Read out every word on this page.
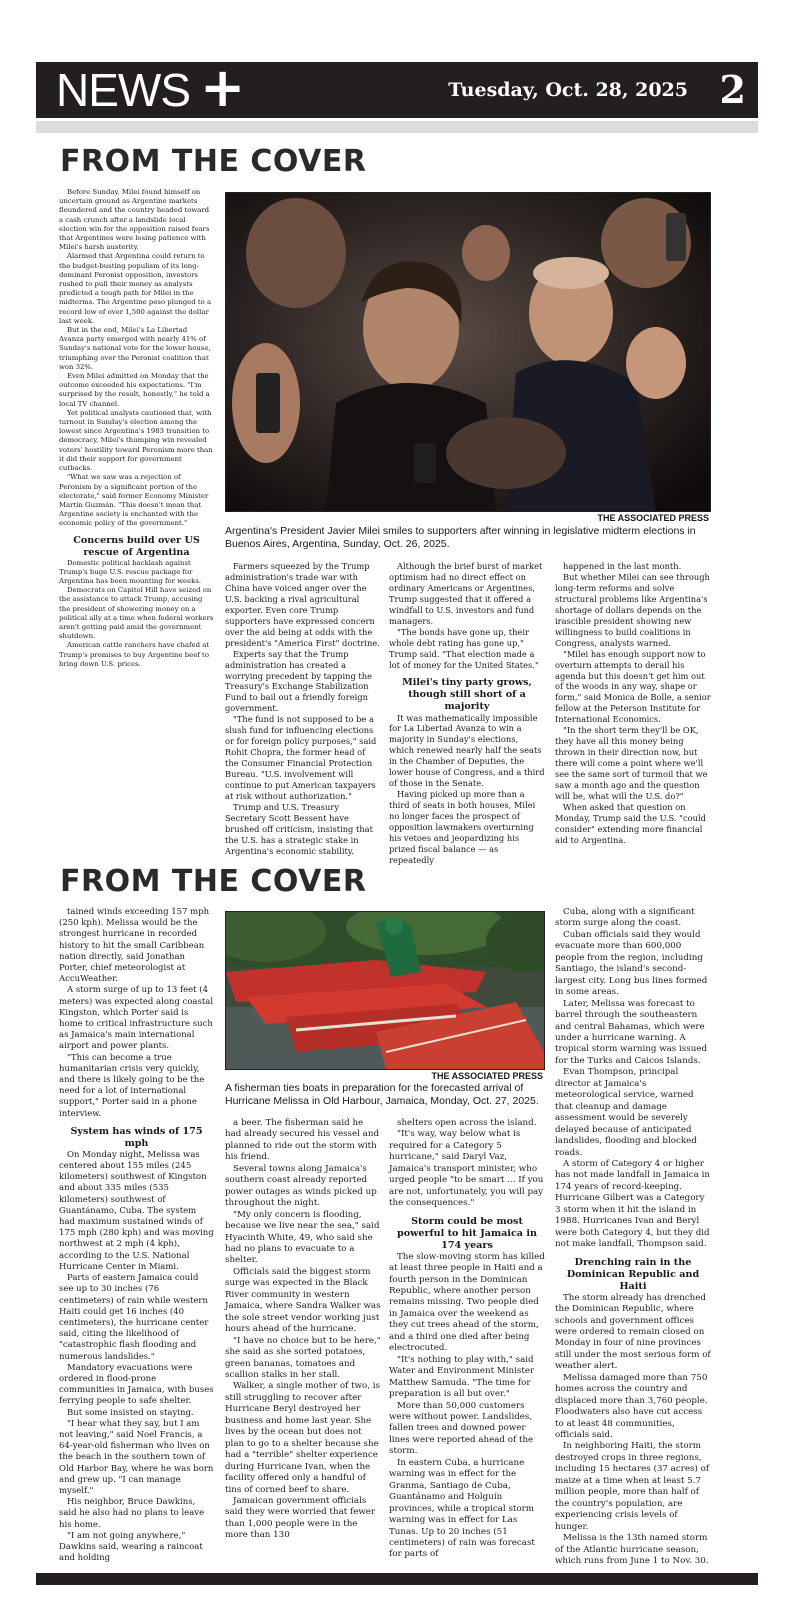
NEWS +	Tuesday, Oct. 28, 2025 2
FROM THE COVER

Before Sunday, Milei found himself on uncertain ground as Argentine markets floundered and the country headed toward a cash crunch after a landslide local election win for the opposition raised fears that Argentines were losing patience with Milei's harsh austerity.

Alarmed that Argentina could return to the budget-busting populism of its long-dominant Peronist opposition, investors rushed to pull their money as analysts predicted a tough path for Milei in the midterms. The Argentine peso plunged to a record low of over 1,500 against the dollar last week.

But in the end, Milei's La Libertad Avanza party emerged with nearly 41% of Sunday's national vote for the lower house, triumphing over the Peronist coalition that won 32%.

Even Milei admitted on Monday that the outcome exceeded his expectations. "I'm surprised by the result, honestly," he told a local TV channel.

Yet political analysts cautioned that, with turnout in Sunday's election among the lowest since Argentina's 1983 transition to democracy, Milei's thumping win revealed voters' hostility toward Peronism more than it did their support for government cutbacks.

"What we saw was a rejection of Peronism by a significant portion of the electorate," said former Economy Minister Martín Guzmán. "This doesn't mean that Argentine society is enchanted with the economic policy of the government."

Concerns build over US rescue of Argentina

Domestic political backlash against Trump's huge U.S. rescue package for Argentina has been mounting for weeks.

Democrats on Capitol Hill have seized on the assistance to attack Trump, accusing the president of showering money on a political ally at a time when federal workers aren't getting paid amid the government shutdown.

American cattle ranchers have chafed at Trump's promises to buy Argentine beef to bring down U.S. prices.

THE ASSOCIATED PRESS
Argentina's President Javier Milei smiles to supporters after winning in legislative midterm elections in Buenos Aires, Argentina, Sunday, Oct. 26, 2025.

Farmers squeezed by the Trump administration's trade war with China have voiced anger over the U.S. backing a rival agricultural exporter. Even core Trump supporters have expressed concern over the aid being at odds with the president's "America First" doctrine.

Experts say that the Trump administration has created a worrying precedent by tapping the Treasury's Exchange Stabilization Fund to bail out a friendly foreign government.

"The fund is not supposed to be a slush fund for influencing elections or for foreign policy purposes," said Rohit Chopra, the former head of the Consumer Financial Protection Bureau. "U.S. involvement will continue to put American taxpayers at risk without authorization."

Trump and U.S. Treasury Secretary Scott Bessent have brushed off criticism, insisting that the U.S. has a strategic stake in Argentina's economic stability.

Although the brief burst of market optimism had no direct effect on ordinary Americans or Argentines, Trump suggested that it offered a windfall to U.S. investors and fund managers.

"The bonds have gone up, their whole debt rating has gone up," Trump said. "That election made a lot of money for the United States."

Milei's tiny party grows, though still short of a majority

It was mathematically impossible for La Libertad Avanza to win a majority in Sunday's elections, which renewed nearly half the seats in the Chamber of Deputies, the lower house of Congress, and a third of those in the Senate.

Having picked up more than a third of seats in both houses, Milei no longer faces the prospect of opposition lawmakers overturning his vetoes and jeopardizing his prized fiscal balance — as repeatedly

happened in the last month.

But whether Milei can see through long-term reforms and solve structural problems like Argentina's shortage of dollars depends on the irascible president showing new willingness to build coalitions in Congress, analysts warned.

"Milei has enough support now to overturn attempts to derail his agenda but this doesn't get him out of the woods in any way, shape or form," said Monica de Bolle, a senior fellow at the Peterson Institute for International Economics.

"In the short term they'll be OK, they have all this money being thrown in their direction now, but there will come a point where we'll see the same sort of turmoil that we saw a month ago and the question will be, what will the U.S. do?"

When asked that question on Monday, Trump said the U.S. "could consider" extending more financial aid to Argentina.

FROM THE COVER

tained winds exceeding 157 mph (250 kph). Melissa would be the strongest hurricane in recorded history to hit the small Caribbean nation directly, said Jonathan Porter, chief meteorologist at AccuWeather.

A storm surge of up to 13 feet (4 meters) was expected along coastal Kingston, which Porter said is home to critical infrastructure such as Jamaica's main international airport and power plants.

"This can become a true humanitarian crisis very quickly, and there is likely going to be the need for a lot of international support," Porter said in a phone interview.

System has winds of 175 mph

On Monday night, Melissa was centered about 155 miles (245 kilometers) southwest of Kingston and about 335 miles (535 kilometers) southwest of Guantánamo, Cuba. The system had maximum sustained winds of 175 mph (280 kph) and was moving northwest at 2 mph (4 kph), according to the U.S. National Hurricane Center in Miami.

Parts of eastern Jamaica could see up to 30 inches (76 centimeters) of rain while western Haiti could get 16 inches (40 centimeters), the hurricane center said, citing the likelihood of "catastrophic flash flooding and numerous landslides."

Mandatory evacuations were ordered in flood-prone communities in Jamaica, with buses ferrying people to safe shelter.

But some insisted on staying.

"I hear what they say, but I am not leaving," said Noel Francis, a 64-year-old fisherman who lives on the beach in the southern town of Old Harbor Bay, where he was born and grew up. "I can manage myself."

His neighbor, Bruce Dawkins, said he also had no plans to leave his home.

"I am not going anywhere," Dawkins said, wearing a raincoat and holding

THE ASSOCIATED PRESS
A fisherman ties boats in preparation for the forecasted arrival of Hurricane Melissa in Old Harbour, Jamaica, Monday, Oct. 27, 2025.

a beer. The fisherman said he had already secured his vessel and planned to ride out the storm with his friend.

Several towns along Jamaica's southern coast already reported power outages as winds picked up throughout the night.

"My only concern is flooding, because we live near the sea," said Hyacinth White, 49, who said she had no plans to evacuate to a shelter.

Officials said the biggest storm surge was expected in the Black River community in western Jamaica, where Sandra Walker was the sole street vendor working just hours ahead of the hurricane.

"I have no choice but to be here," she said as she sorted potatoes, green bananas, tomatoes and scallion stalks in her stall.

Walker, a single mother of two, is still struggling to recover after Hurricane Beryl destroyed her business and home last year. She lives by the ocean but does not plan to go to a shelter because she had a "terrible" shelter experience during Hurricane Ivan, when the facility offered only a handful of tins of corned beef to share.

Jamaican government officials said they were worried that fewer than 1,000 people were in the more than 130

shelters open across the island.

"It's way, way below what is required for a Category 5 hurricane," said Daryl Vaz, Jamaica's transport minister, who urged people "to be smart ... If you are not, unfortunately, you will pay the consequences."

Storm could be most powerful to hit Jamaica in 174 years

The slow-moving storm has killed at least three people in Haiti and a fourth person in the Dominican Republic, where another person remains missing. Two people died in Jamaica over the weekend as they cut trees ahead of the storm, and a third one died after being electrocuted.

"It's nothing to play with," said Water and Environment Minister Matthew Samuda. "The time for preparation is all but over."

More than 50,000 customers were without power. Landslides, fallen trees and downed power lines were reported ahead of the storm.

In eastern Cuba, a hurricane warning was in effect for the Granma, Santiago de Cuba, Guantánamo and Holguín provinces, while a tropical storm warning was in effect for Las Tunas. Up to 20 inches (51 centimeters) of rain was forecast for parts of

Cuba, along with a significant storm surge along the coast.

Cuban officials said they would evacuate more than 600,000 people from the region, including Santiago, the island's second-largest city. Long bus lines formed in some areas.

Later, Melissa was forecast to barrel through the southeastern and central Bahamas, which were under a hurricane warning. A tropical storm warning was issued for the Turks and Caicos Islands.

Evan Thompson, principal director at Jamaica's meteorological service, warned that cleanup and damage assessment would be severely delayed because of anticipated landslides, flooding and blocked roads.

A storm of Category 4 or higher has not made landfall in Jamaica in 174 years of record-keeping. Hurricane Gilbert was a Category 3 storm when it hit the island in 1988. Hurricanes Ivan and Beryl were both Category 4, but they did not make landfall, Thompson said.

Drenching rain in the Dominican Republic and Haiti

The storm already has drenched the Dominican Republic, where schools and government offices were ordered to remain closed on Monday in four of nine provinces still under the most serious form of weather alert.

Melissa damaged more than 750 homes across the country and displaced more than 3,760 people. Floodwaters also have cut access to at least 48 communities, officials said.

In neighboring Haiti, the storm destroyed crops in three regions, including 15 hectares (37 acres) of maize at a time when at least 5.7 million people, more than half of the country's population, are experiencing crisis levels of hunger.

Melissa is the 13th named storm of the Atlantic hurricane season, which runs from June 1 to Nov. 30.
